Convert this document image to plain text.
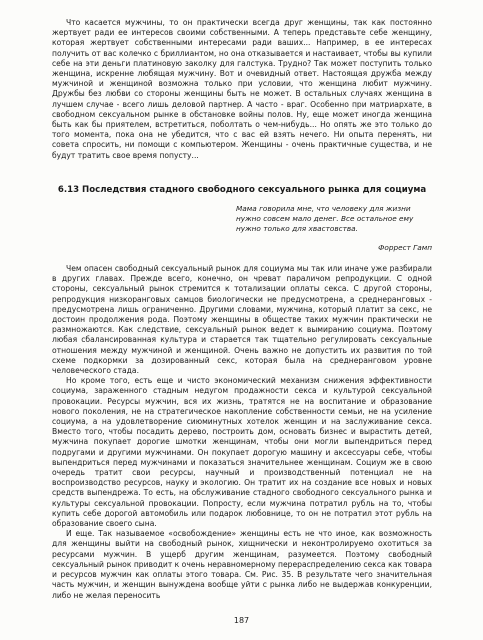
Что касается мужчины, то он практически всегда друг женщины, так как постоянно жертвует ради ее интересов своими собственными. А теперь представьте себе женщину, которая жертвует собственными интересами ради ваших... Например, в ее интересах получить от вас колечко с бриллиантом, но она отказывается и настаивает, чтобы вы купили себе на эти деньги платиновую заколку для галстука. Трудно? Так может поступить только женщина, искренне любящая мужчину. Вот и очевидный ответ. Настоящая дружба между мужчиной и женщиной возможна только при условии, что женщина любит мужчину. Дружбы без любви со стороны женщины быть не может. В остальных случаях женщина в лучшем случае - всего лишь деловой партнер. А часто - враг. Особенно при матриархате, в свободном сексуальном рынке в обстановке войны полов. Ну, еще может иногда женщина быть как бы приятелем, встретиться, поболтать о чем-нибудь... Но опять же это только до того момента, пока она не убедится, что с вас ей взять нечего. Ни опыта перенять, ни совета спросить, ни помощи с компьютером. Женщины - очень практичные существа, и не будут тратить свое время попусту...

6.13 Последствия стадного свободного сексуального рынка для социума
Мама говорила мне, что человеку для жизни нужно совсем мало денег. Все остальное ему нужно только для хвастовства.
Форрест Гамп

Чем опасен свободный сексуальный рынок для социума мы так или иначе уже разбирали в других главах. Прежде всего, конечно, он чреват параличом репродукции. С одной стороны, сексуальный рынок стремится к тотализации оплаты секса. С другой стороны, репродукция низкоранговых самцов биологически не предусмотрена, а среднеранговых - предусмотрена лишь ограниченно. Другими словами, мужчина, который платит за секс, не достоин продолжения рода. Поэтому женщины в обществе таких мужчин практически не размножаются. Как следствие, сексуальный рынок ведет к вымиранию социума. Поэтому любая сбалансированная культура и старается так тщательно регулировать сексуальные отношения между мужчиной и женщиной. Очень важно не допустить их развития по той схеме подкормки за дозированный секс, которая была на среднеранговом уровне человеческого стада.

Но кроме того, есть еще и чисто экономический механизм снижения эффективности социума, зараженного стадным недугом продажности секса и культурой сексуальной провокации. Ресурсы мужчин, вся их жизнь, тратятся не на воспитание и образование нового поколения, не на стратегическое накопление собственности семьи, не на усиление социума, а на удовлетворение сиюминутных хотелок женщин и на заслуживание секса. Вместо того, чтобы посадить дерево, построить дом, основать бизнес и вырастить детей, мужчина покупает дорогие шмотки женщинам, чтобы они могли выпендриться перед подругами и другими мужчинами. Он покупает дорогую машину и аксессуары себе, чтобы выпендриться перед мужчинами и показаться значительнее женщинам. Социум же в свою очередь тратит свои ресурсы, научный и производственный потенциал не на воспроизводство ресурсов, науку и экологию. Он тратит их на создание все новых и новых средств выпендрежа. То есть, на обслуживание стадного свободного сексуального рынка и культуры сексуальной провокации. Попросту, если мужчина потратил рубль на то, чтобы купить себе дорогой автомобиль или подарок любовнице, то он не потратил этот рубль на образование своего сына.

И еще. Так называемое «освобождение» женщины есть не что иное, как возможность для женщины выйти на свободный рынок, хищнически и неконтролируемо охотиться за ресурсами мужчин. В ущерб другим женщинам, разумеется. Поэтому свободный сексуальный рынок приводит к очень неравномерному перераспределению секса как товара и ресурсов мужчин как оплаты этого товара. См. Рис. 35. В результате чего значительная часть мужчин, и женщин вынуждена вообще уйти с рынка либо не выдержав конкуренции, либо не желая переносить

187
